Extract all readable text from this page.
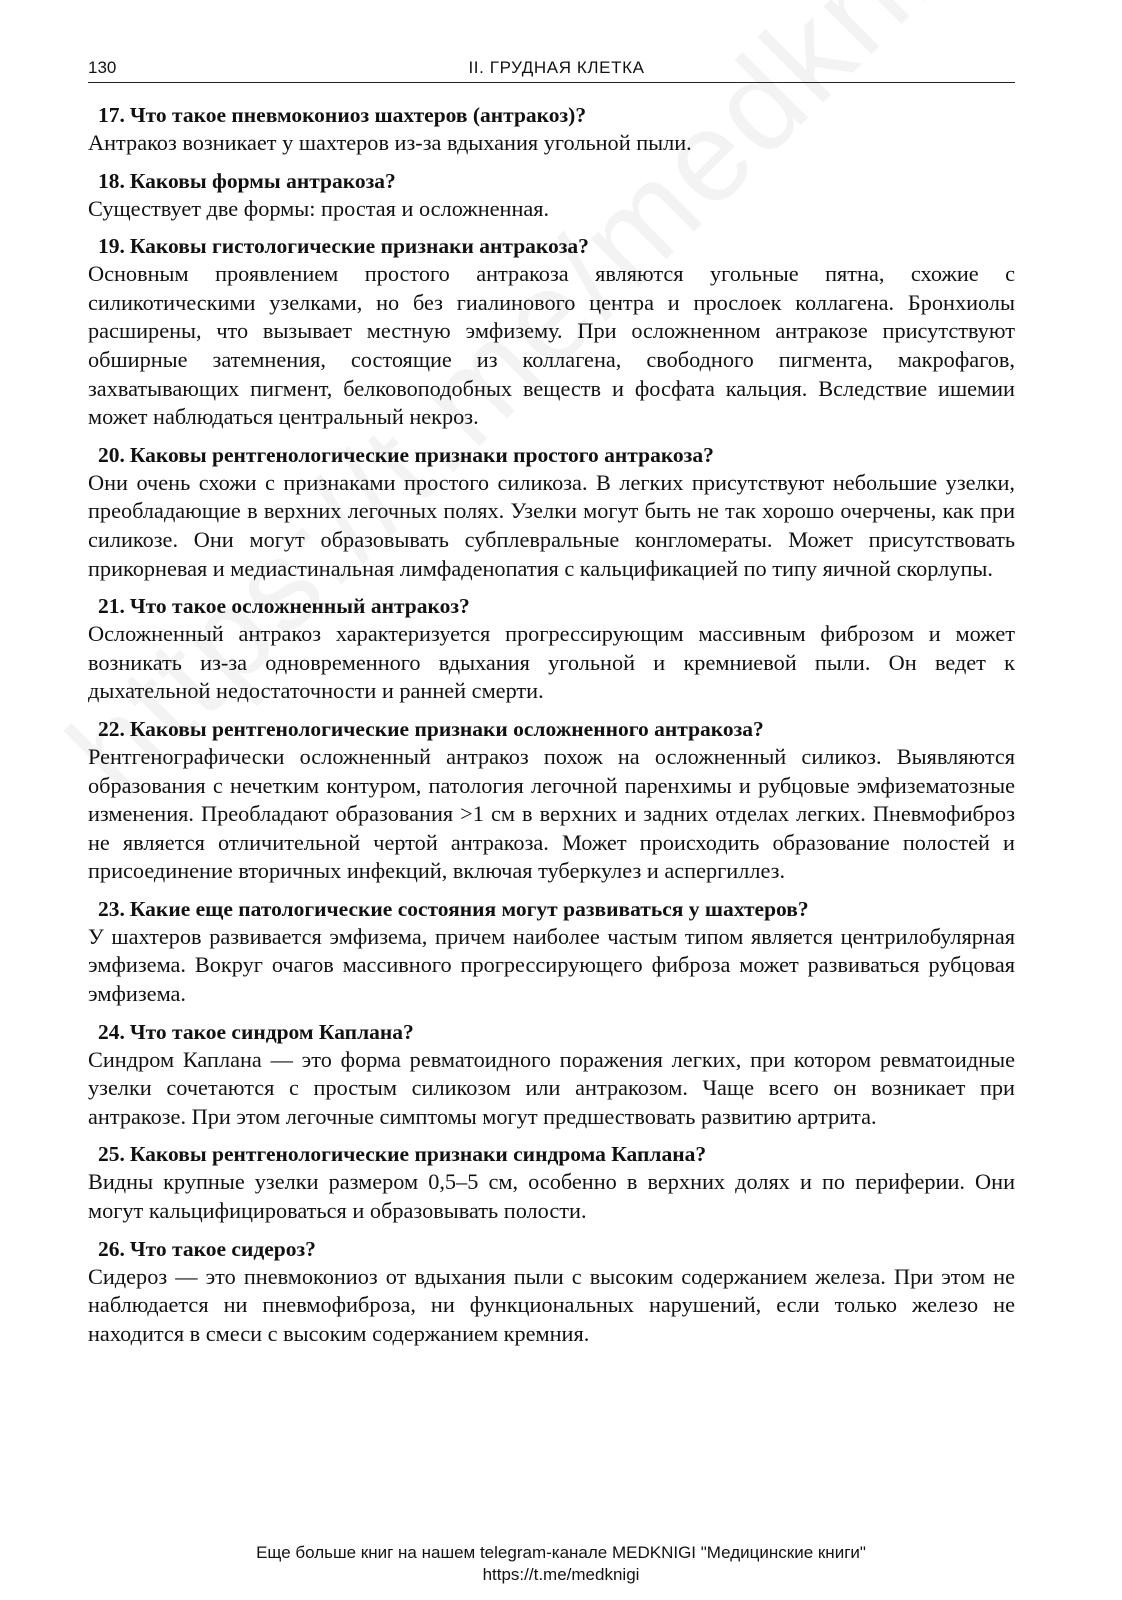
130	II. ГРУДНАЯ КЛЕТКА

17. Что такое пневмокониоз шахтеров (антракоз)?

Антракоз возникает у шахтеров из-за вдыхания угольной пыли.

18. Каковы формы антракоза?

Существует две формы: простая и осложненная.

19. Каковы гистологические признаки антракоза?

Основным проявлением простого антракоза являются угольные пятна, схожие с силикотическими узелками, но без гиалинового центра и прослоек коллагена. Бронхиолы расширены, что вызывает местную эмфизему. При осложненном антракозе присутствуют обширные затемнения, состоящие из коллагена, свободного пигмента, макрофагов, захватывающих пигмент, белковоподобных веществ и фосфата кальция. Вследствие ишемии может наблюдаться центральный некроз.

20. Каковы рентгенологические признаки простого антракоза?

Они очень схожи с признаками простого силикоза. В легких присутствуют небольшие узелки, преобладающие в верхних легочных полях. Узелки могут быть не так хорошо очерчены, как при силикозе. Они могут образовывать субплевральные конгломераты. Может присутствовать прикорневая и медиастинальная лимфаденопатия с кальцификацией по типу яичной скорлупы.

21. Что такое осложненный антракоз?

Осложненный антракоз характеризуется прогрессирующим массивным фиброзом и может возникать из-за одновременного вдыхания угольной и кремниевой пыли. Он ведет к дыхательной недостаточности и ранней смерти.

22. Каковы рентгенологические признаки осложненного антракоза?

Рентгенографически осложненный антракоз похож на осложненный силикоз. Выявляются образования с нечетким контуром, патология легочной паренхимы и рубцовые эмфизематозные изменения. Преобладают образования >1 см в верхних и задних отделах легких. Пневмофиброз не является отличительной чертой антракоза. Может происходить образование полостей и присоединение вторичных инфекций, включая туберкулез и аспергиллез.

23. Какие еще патологические состояния могут развиваться у шахтеров?

У шахтеров развивается эмфизема, причем наиболее частым типом является центрилобулярная эмфизема. Вокруг очагов массивного прогрессирующего фиброза может развиваться рубцовая эмфизема.

24. Что такое синдром Каплана?

Синдром Каплана — это форма ревматоидного поражения легких, при котором ревматоидные узелки сочетаются с простым силикозом или антракозом. Чаще всего он возникает при антракозе. При этом легочные симптомы могут предшествовать развитию артрита.

25. Каковы рентгенологические признаки синдрома Каплана?

Видны крупные узелки размером 0,5–5 см, особенно в верхних долях и по периферии. Они могут кальцифицироваться и образовывать полости.

26. Что такое сидероз?

Сидероз — это пневмокониоз от вдыхания пыли с высоким содержанием железа. При этом не наблюдается ни пневмофиброза, ни функциональных нарушений, если только железо не находится в смеси с высоким содержанием кремния.

Еще больше книг на нашем telegram-канале MEDKNIGI "Медицинские книги"
https://t.me/medknigi
